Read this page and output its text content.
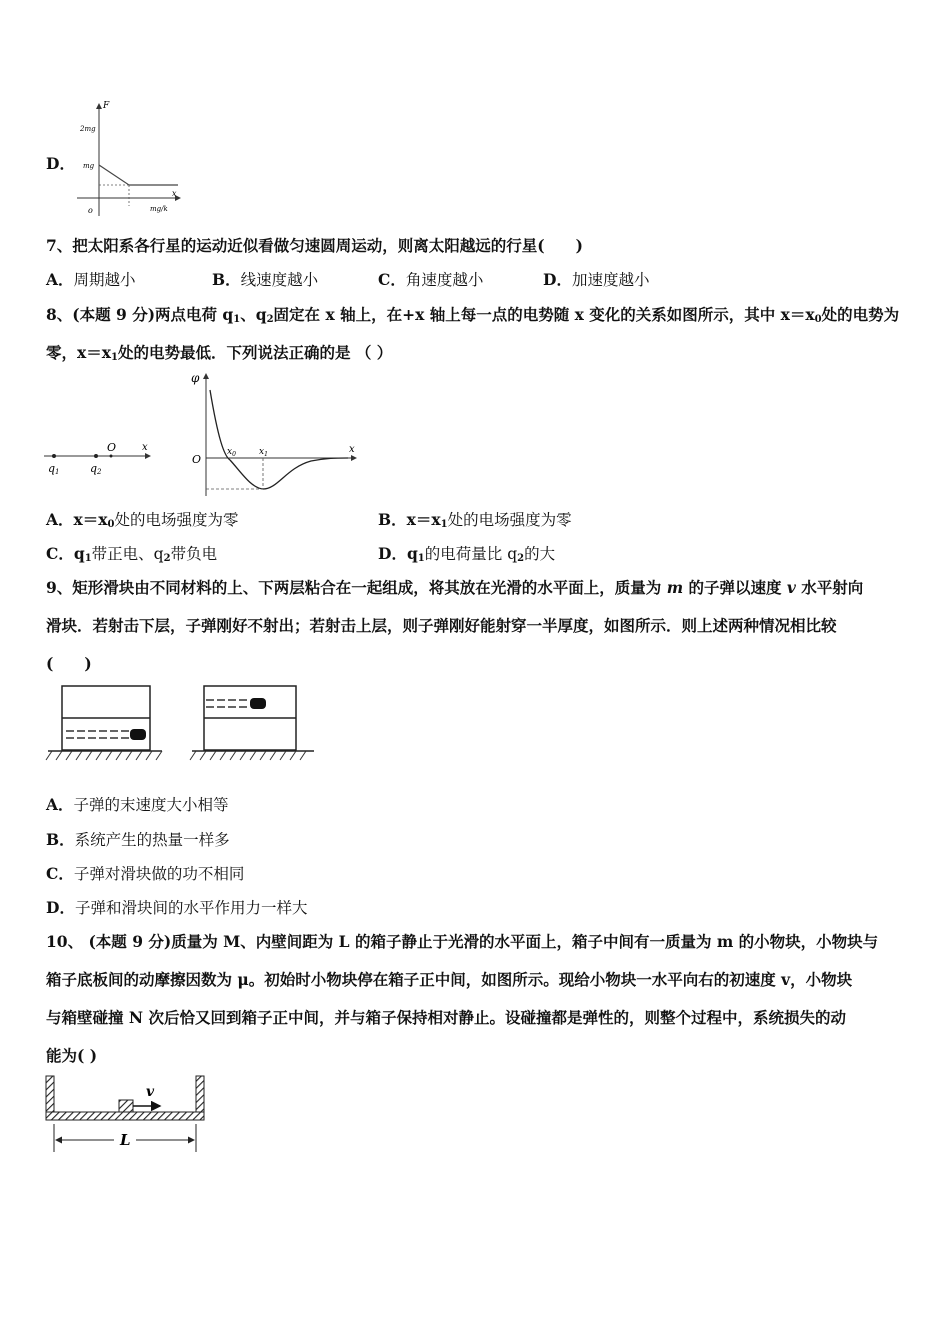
D．
F
2mg
mg
o
x
mg/k
7、把太阳系各行星的运动近似看做匀速圆周运动，则离太阳越远的行星(　　)
A．周期越小	B．线速度越小	C．角速度越小	D．加速度越小
8、(本题 9 分)两点电荷 $q_1$、$q_2$固定在 x 轴上，在+x 轴上每一点的电势随 x 变化的关系如图所示，其中 $x=x_0$处的电势为
零，$x=x_1$处的电势最低．下列说法正确的是 （ ）
q1	q2
O	x
φ
O
$x_0$	$x_1$	x
A．$x=x_0$处的电场强度为零	B．$x=x_1$处的电场强度为零
C．$q_1$带正电、$q_2$带负电	D．$q_1$的电荷量比 $q_2$的大
9、矩形滑块由不同材料的上、下两层粘合在一起组成，将其放在光滑的水平面上，质量为 m 的子弹以速度 v 水平射向
滑块．若射击下层，子弹刚好不射出；若射击上层，则子弹刚好能射穿一半厚度，如图所示．则上述两种情况相比较
(　　)
A．子弹的末速度大小相等
B．系统产生的热量一样多
C．子弹对滑块做的功不相同
D．子弹和滑块间的水平作用力一样大
10、 (本题 9 分)质量为 M、内壁间距为 L 的箱子静止于光滑的水平面上，箱子中间有一质量为 m 的小物块，小物块与
箱子底板间的动摩擦因数为 μ。初始时小物块停在箱子正中间，如图所示。现给小物块一水平向右的初速度 v，小物块
与箱壁碰撞 N 次后恰又回到箱子正中间，并与箱子保持相对静止。设碰撞都是弹性的，则整个过程中，系统损失的动
能为( )
v
L
